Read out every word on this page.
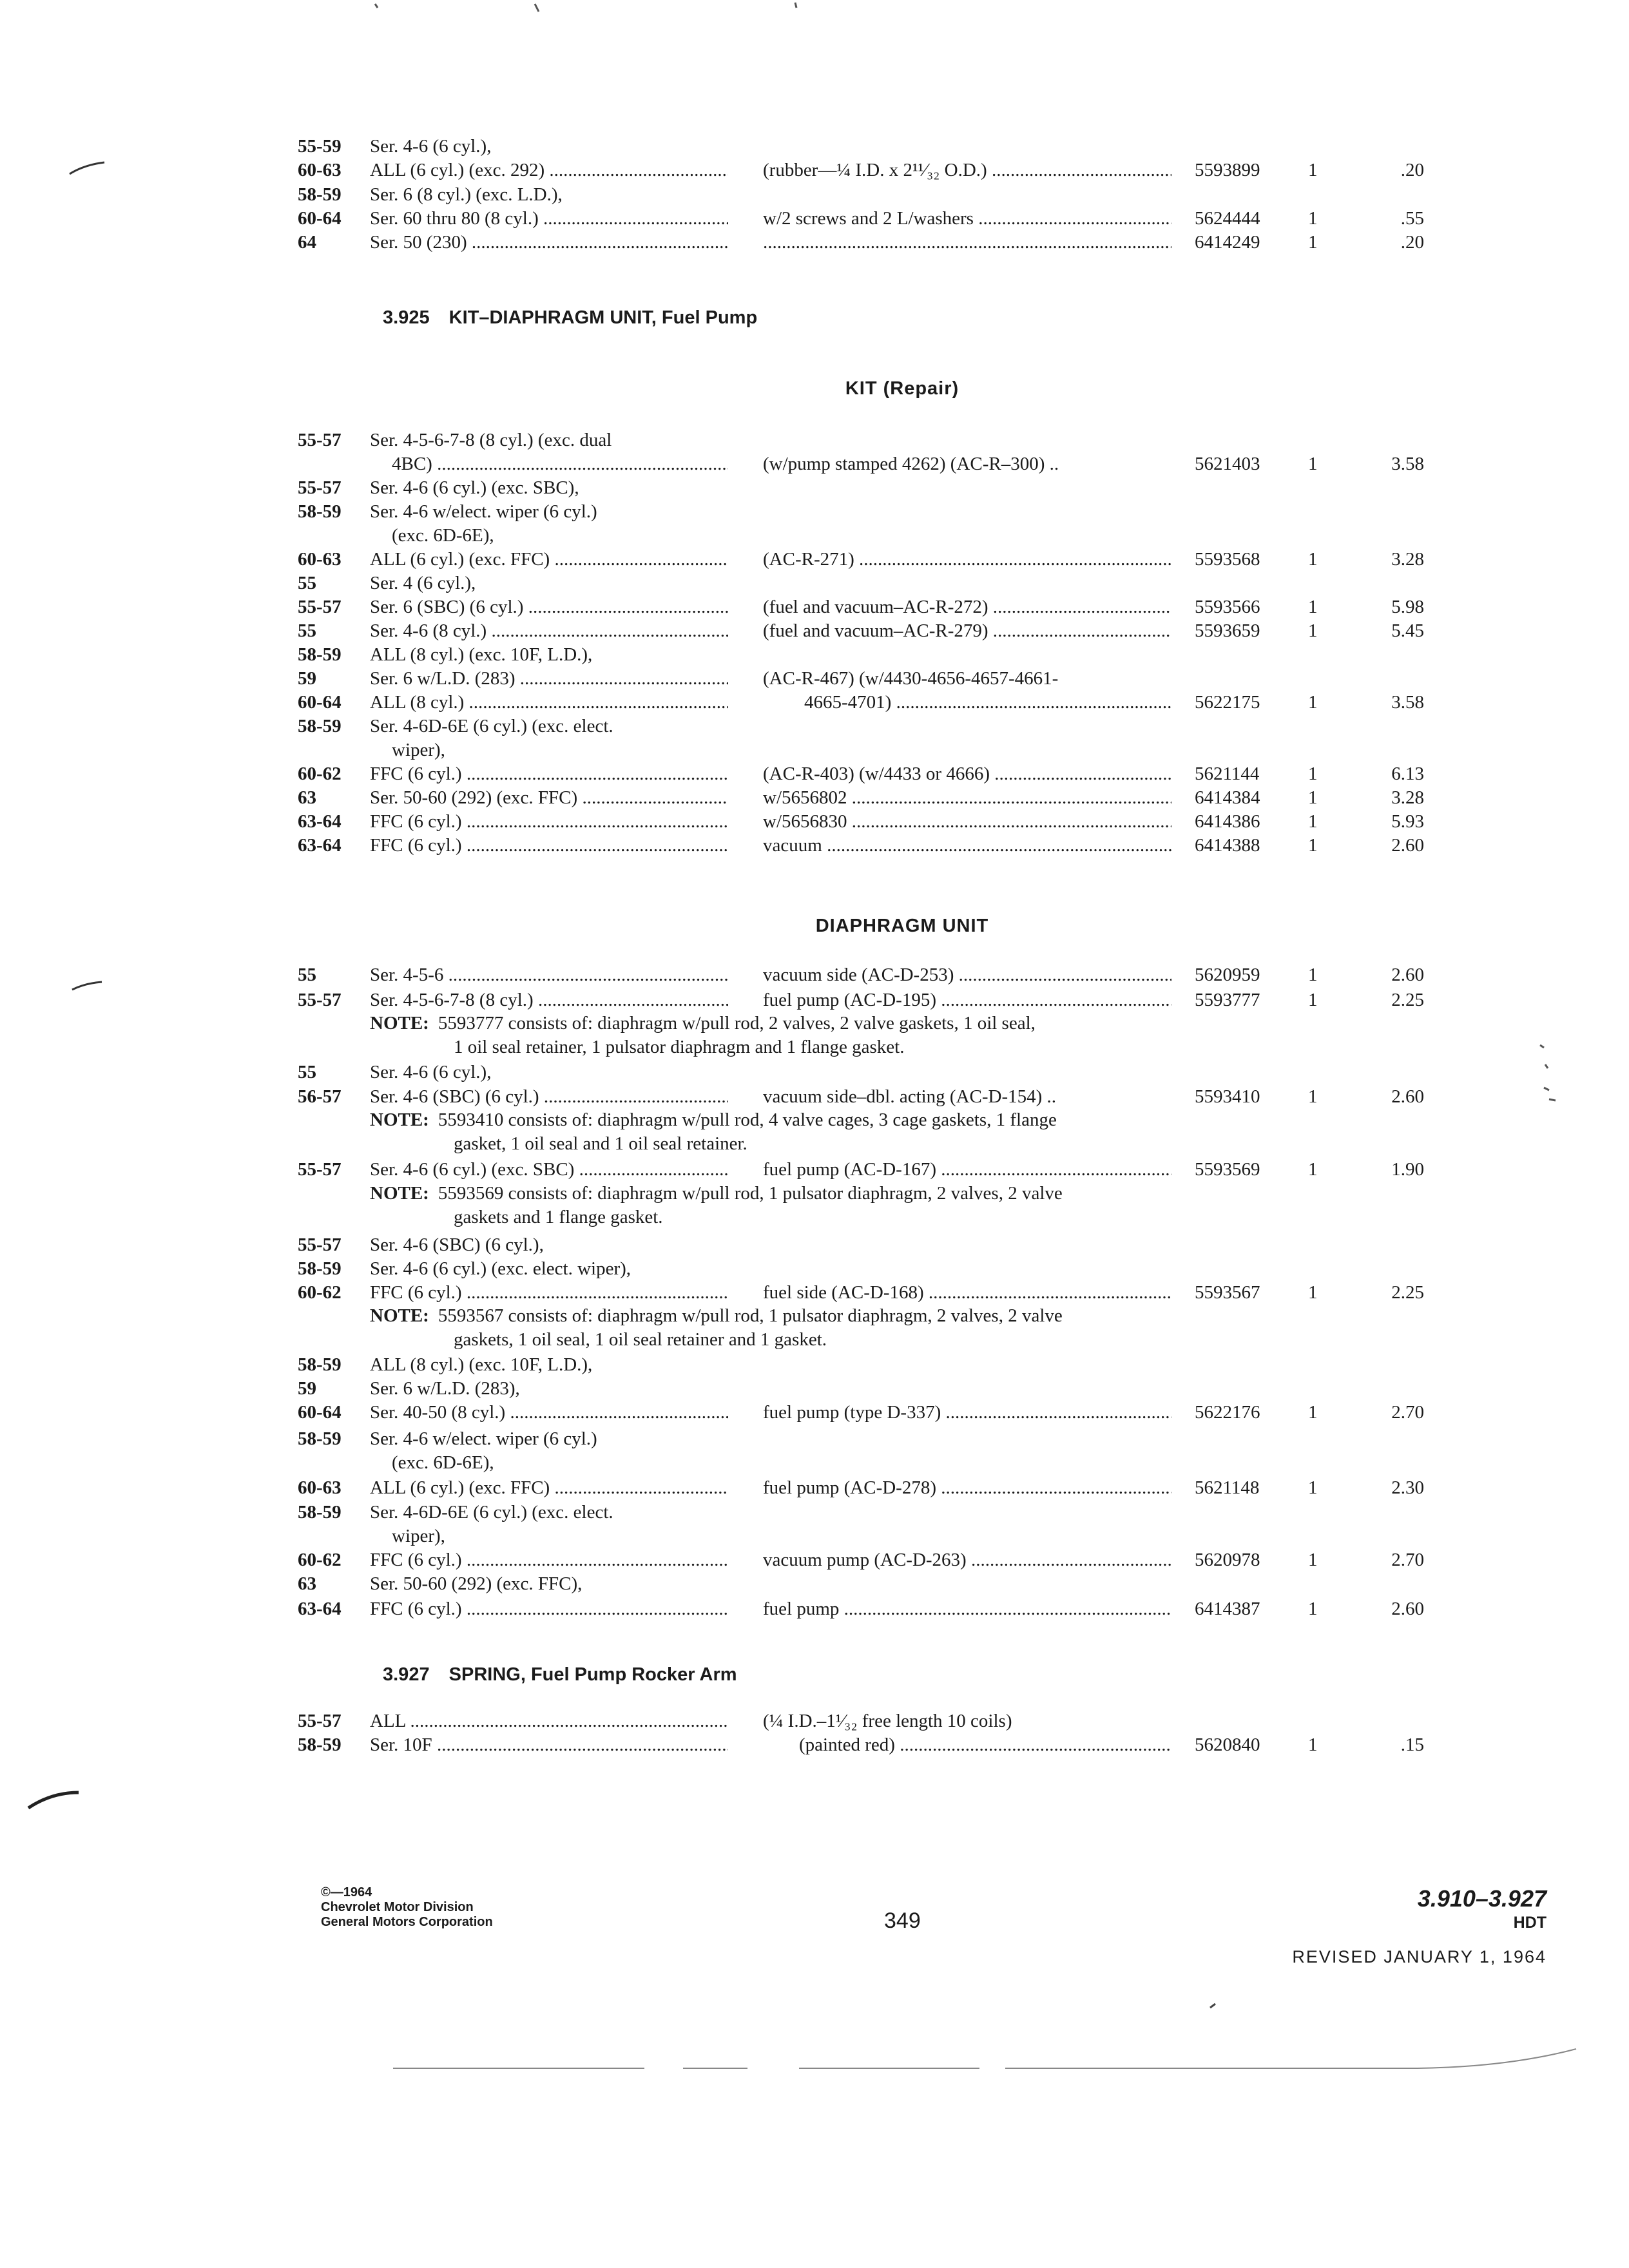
55-59 Ser. 4-6 (6 cyl.),
60-63 ALL (6 cyl.) (exc. 292) .....	(rubber—¼ I.D. x 2¹¹⁄₃₂ O.D.) .....	5593899	1	.20
58-59 Ser. 6 (8 cyl.) (exc. L.D.),
60-64 Ser. 60 thru 80 (8 cyl.) .....	w/2 screws and 2 L/washers .....	5624444	1	.55
64	Ser. 50 (230) .....
.....	6414249	1	.20
3.925 KIT–DIAPHRAGM UNIT, Fuel Pump
KIT (Repair)
55-57 Ser. 4-5-6-7-8 (8 cyl.) (exc. dual
4BC) .....	(w/pump stamped 4262) (AC-R–300) ..	5621403	1	3.58
55-57 Ser. 4-6 (6 cyl.) (exc. SBC),
58-59 Ser. 4-6 w/elect. wiper (6 cyl.)
(exc. 6D-6E),
60-63 ALL (6 cyl.) (exc. FFC) .....	(AC-R-271) .....	5593568	1	3.28
55	Ser. 4 (6 cyl.),
55-57 Ser. 6 (SBC) (6 cyl.) .....	(fuel and vacuum–AC-R-272) .....	5593566	1	5.98
55	Ser. 4-6 (8 cyl.) .....	(fuel and vacuum–AC-R-279) .....	5593659	1	5.45
58-59 ALL (8 cyl.) (exc. 10F, L.D.),
59	Ser. 6 w/L.D. (283) .....	(AC-R-467) (w/4430-4656-4657-4661-
60-64 ALL (8 cyl.) .....	4665-4701) .....	5622175	1	3.58
58-59 Ser. 4-6D-6E (6 cyl.) (exc. elect.
wiper),
60-62 FFC (6 cyl.) .....	(AC-R-403) (w/4433 or 4666) .....	5621144	1	6.13
63	Ser. 50-60 (292) (exc. FFC) .....	w/5656802 .....	6414384	1	3.28
63-64 FFC (6 cyl.) .....	w/5656830 .....	6414386	1	5.93
63-64 FFC (6 cyl.) .....	vacuum .....	6414388	1	2.60
DIAPHRAGM UNIT
55	Ser. 4-5-6 .....	vacuum side (AC-D-253) .....	5620959	1	2.60
55-57 Ser. 4-5-6-7-8 (8 cyl.) .....	fuel pump (AC-D-195) .....	5593777	1	2.25
NOTE: 5593777 consists of: diaphragm w/pull rod, 2 valves, 2 valve gaskets, 1 oil seal,
1 oil seal retainer, 1 pulsator diaphragm and 1 flange gasket.
55	Ser. 4-6 (6 cyl.),
56-57 Ser. 4-6 (SBC) (6 cyl.) .....	vacuum side–dbl. acting (AC-D-154) ..	5593410	1	2.60
NOTE: 5593410 consists of: diaphragm w/pull rod, 4 valve cages, 3 cage gaskets, 1 flange
gasket, 1 oil seal and 1 oil seal retainer.
55-57 Ser. 4-6 (6 cyl.) (exc. SBC) .....	fuel pump (AC-D-167) .....	5593569	1	1.90
NOTE: 5593569 consists of: diaphragm w/pull rod, 1 pulsator diaphragm, 2 valves, 2 valve
gaskets and 1 flange gasket.
55-57 Ser. 4-6 (SBC) (6 cyl.),
58-59 Ser. 4-6 (6 cyl.) (exc. elect. wiper),
60-62 FFC (6 cyl.) .....	fuel side (AC-D-168) .....	5593567	1	2.25
NOTE: 5593567 consists of: diaphragm w/pull rod, 1 pulsator diaphragm, 2 valves, 2 valve
gaskets, 1 oil seal, 1 oil seal retainer and 1 gasket.
58-59 ALL (8 cyl.) (exc. 10F, L.D.),
59	Ser. 6 w/L.D. (283),
60-64 Ser. 40-50 (8 cyl.) .....	fuel pump (type D-337) .....	5622176	1	2.70
58-59 Ser. 4-6 w/elect. wiper (6 cyl.)
(exc. 6D-6E),
60-63 ALL (6 cyl.) (exc. FFC) .....	fuel pump (AC-D-278) .....	5621148	1	2.30
58-59 Ser. 4-6D-6E (6 cyl.) (exc. elect.
wiper),
60-62 FFC (6 cyl.) .....	vacuum pump (AC-D-263) .....	5620978	1	2.70
63	Ser. 50-60 (292) (exc. FFC),
63-64 FFC (6 cyl.) .....	fuel pump .....	6414387	1	2.60
3.927 SPRING, Fuel Pump Rocker Arm
55-57 ALL .....	(¼ I.D.–1¹⁄₃₂ free length 10 coils)
58-59 Ser. 10F .....	(painted red) .....	5620840	1	.15
©—1964
Chevrolet Motor Division
General Motors Corporation	349
3.910–3.927
HDT
REVISED JANUARY 1, 1964
